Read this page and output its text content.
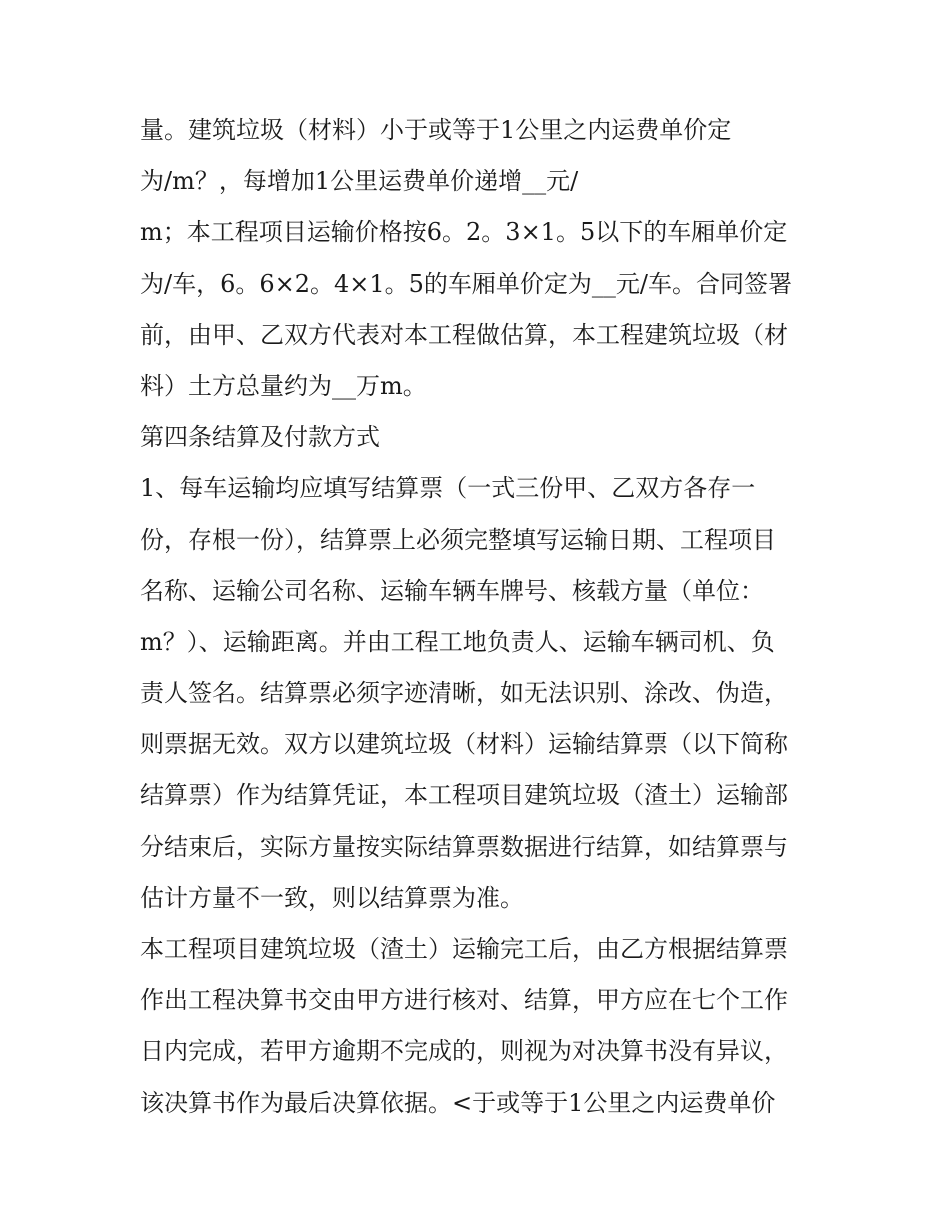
量。建筑垃圾（材料）小于或等于1公里之内运费单价定
为/m？，每增加1公里运费单价递增__元/
m；本工程项目运输价格按6。2。3×1。5以下的车厢单价定
为/车，6。6×2。4×1。5的车厢单价定为__元/车。合同签署
前，由甲、乙双方代表对本工程做估算，本工程建筑垃圾（材
料）土方总量约为__万m。
第四条结算及付款方式
1、每车运输均应填写结算票（一式三份甲、乙双方各存一
份，存根一份），结算票上必须完整填写运输日期、工程项目
名称、运输公司名称、运输车辆车牌号、核载方量（单位：
m？）、运输距离。并由工程工地负责人、运输车辆司机、负
责人签名。结算票必须字迹清晰，如无法识别、涂改、伪造，
则票据无效。双方以建筑垃圾（材料）运输结算票（以下简称
结算票）作为结算凭证，本工程项目建筑垃圾（渣土）运输部
分结束后，实际方量按实际结算票数据进行结算，如结算票与
估计方量不一致，则以结算票为准。
本工程项目建筑垃圾（渣土）运输完工后，由乙方根据结算票
作出工程决算书交由甲方进行核对、结算，甲方应在七个工作
日内完成，若甲方逾期不完成的，则视为对决算书没有异议，
该决算书作为最后决算依据。<于或等于1公里之内运费单价
